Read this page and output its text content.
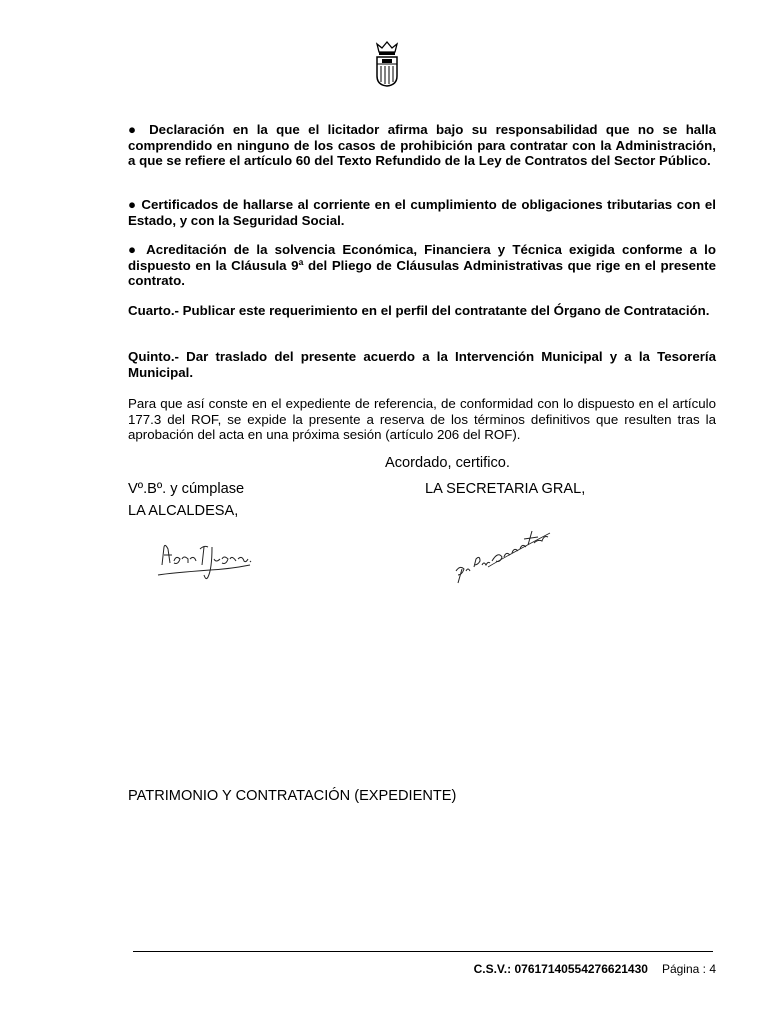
● Declaración en la que el licitador afirma bajo su responsabilidad que no se halla comprendido en ninguno de los casos de prohibición para contratar con la Administración, a que se refiere el artículo 60 del Texto Refundido de la Ley de Contratos del Sector Público.
● Certificados de hallarse al corriente en el cumplimiento de obligaciones tributarias con el Estado, y con la Seguridad Social.
● Acreditación de la solvencia Económica, Financiera y Técnica exigida conforme a lo dispuesto en la Cláusula 9ª del Pliego de Cláusulas Administrativas que rige en el presente contrato.
Cuarto.- Publicar este requerimiento en el perfil del contratante del Órgano de Contratación.
Quinto.- Dar traslado del presente acuerdo a la Intervención Municipal y a la Tesorería Municipal.
Para que así conste en el expediente de referencia, de conformidad con lo dispuesto en el artículo 177.3 del ROF, se expide la presente a reserva de los términos definitivos que resulten tras la aprobación del acta en una próxima sesión (artículo 206 del ROF).
Acordado, certifico.
Vº.Bº. y cúmplase	LA SECRETARIA GRAL,
LA ALCALDESA,
PATRIMONIO Y CONTRATACIÓN (EXPEDIENTE)
C.S.V.: 07617140554276621430 Página : 4
